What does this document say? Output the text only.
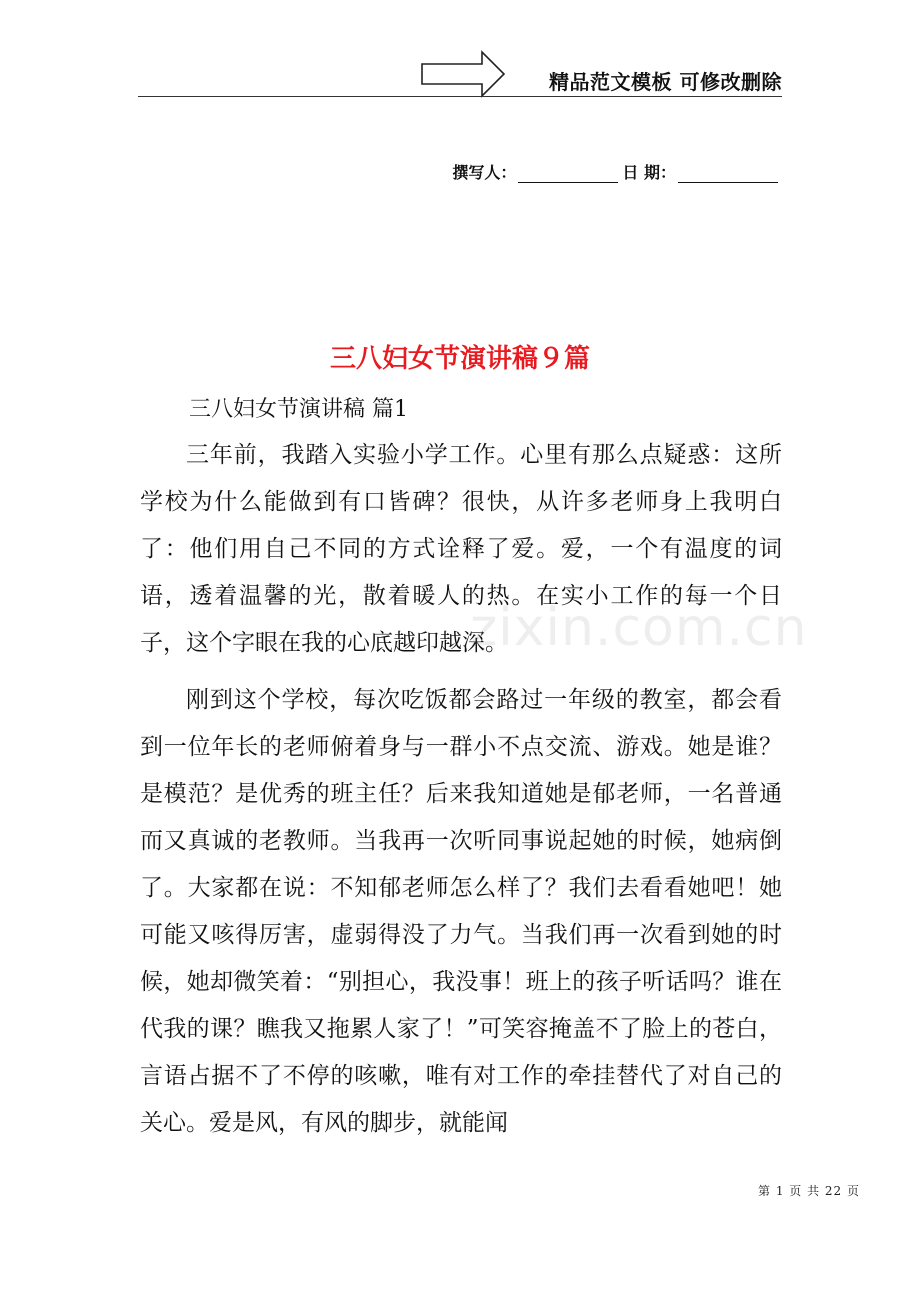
精品范文模板 可修改删除
撰写人：	日 期：
三八妇女节演讲稿９篇
三八妇女节演讲稿 篇1

三年前，我踏入实验小学工作。心里有那么点疑惑：这所学校为什么能做到有口皆碑？很快，从许多老师身上我明白了：他们用自己不同的方式诠释了爱。爱，一个有温度的词语，透着温馨的光，散着暖人的热。在实小工作的每一个日子，这个字眼在我的心底越印越深。

刚到这个学校，每次吃饭都会路过一年级的教室，都会看到一位年长的老师俯着身与一群小不点交流、游戏。她是谁？是模范？是优秀的班主任？后来我知道她是郁老师，一名普通而又真诚的老教师。当我再一次听同事说起她的时候，她病倒了。大家都在说：不知郁老师怎么样了？我们去看看她吧！她可能又咳得厉害，虚弱得没了力气。当我们再一次看到她的时候，她却微笑着：“别担心，我没事！班上的孩子听话吗？谁在代我的课？瞧我又拖累人家了！”可笑容掩盖不了脸上的苍白，言语占据不了不停的咳嗽，唯有对工作的牵挂替代了对自己的关心。爱是风，有风的脚步，就能闻

zixin.com.cn
第 1 页 共 22 页
